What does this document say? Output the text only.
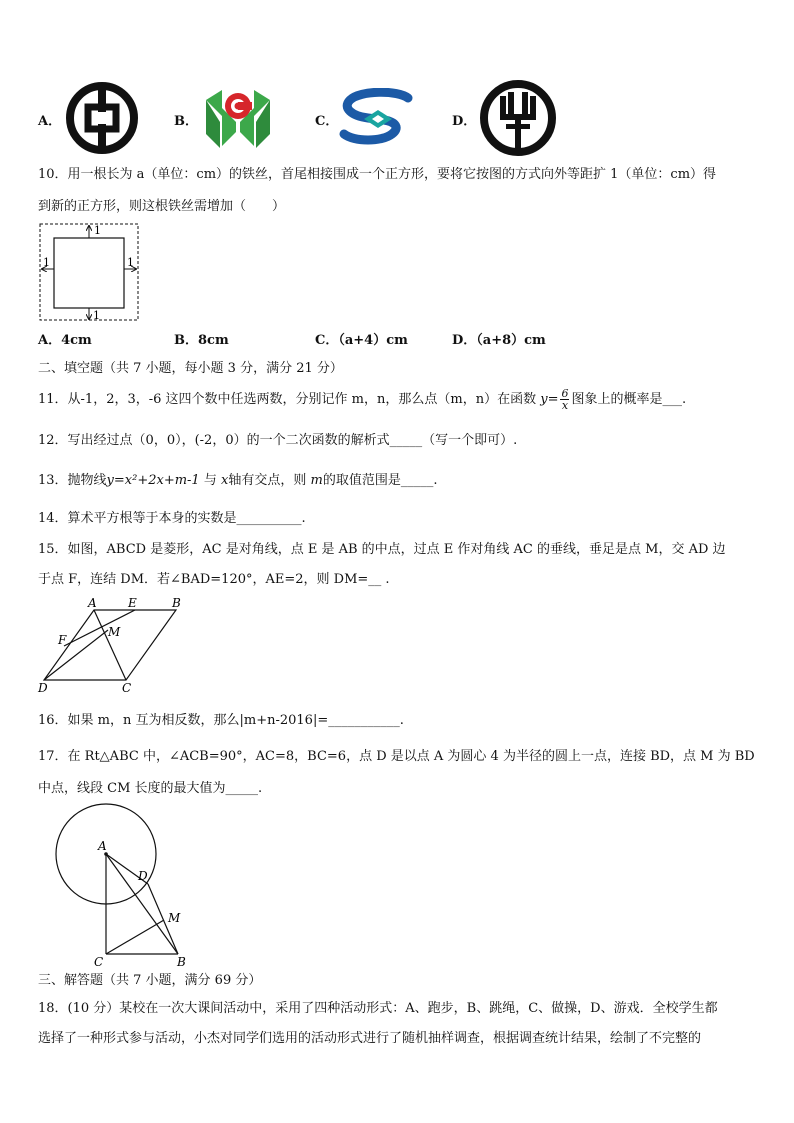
A．	B．	C．	D．
10．用一根长为 a（单位：cm）的铁丝，首尾相接围成一个正方形，要将它按图的方式向外等距扩 1（单位：cm）得
到新的正方形，则这根铁丝需增加（　　）
1
1
1	1
A．4cm	B．8cm	C．（a+4）cm	D．（a+8）cm
二、填空题（共 7 小题，每小题 3 分，满分 21 分）
11．从-1，2，3，-6 这四个数中任选两数，分别记作 m，n，那么点（m，n）在函数 $y= \frac{6}{x}$ 图象上的概率是___.
12．写出经过点（0，0），(-2，0）的一个二次函数的解析式_____（写一个即可）.
13．抛物线y=x²+2x+m-1 与 x轴有交点，则 m的取值范围是_____.
14．算术平方根等于本身的实数是__________.
15．如图，ABCD 是菱形，AC 是对角线，点 E 是 AB 的中点，过点 E 作对角线 AC 的垂线，垂足是点 M，交 AD 边
于点 F，连结 DM．若∠BAD=120°，AE=2，则 DM=__ .
A	E	B
F
M
D	C
16．如果 m，n 互为相反数，那么|m+n-2016|=___________.
17．在 Rt△ABC 中，∠ACB=90°，AC=8，BC=6，点 D 是以点 A 为圆心 4 为半径的圆上一点，连接 BD，点 M 为 BD
中点，线段 CM 长度的最大值为_____.
A
D
M
C	B
三、解答题（共 7 小题，满分 69 分）
18．(10 分）某校在一次大课间活动中，采用了四种活动形式：A、跑步，B、跳绳，C、做操，D、游戏．全校学生都
选择了一种形式参与活动，小杰对同学们选用的活动形式进行了随机抽样调查，根据调查统计结果，绘制了不完整的
